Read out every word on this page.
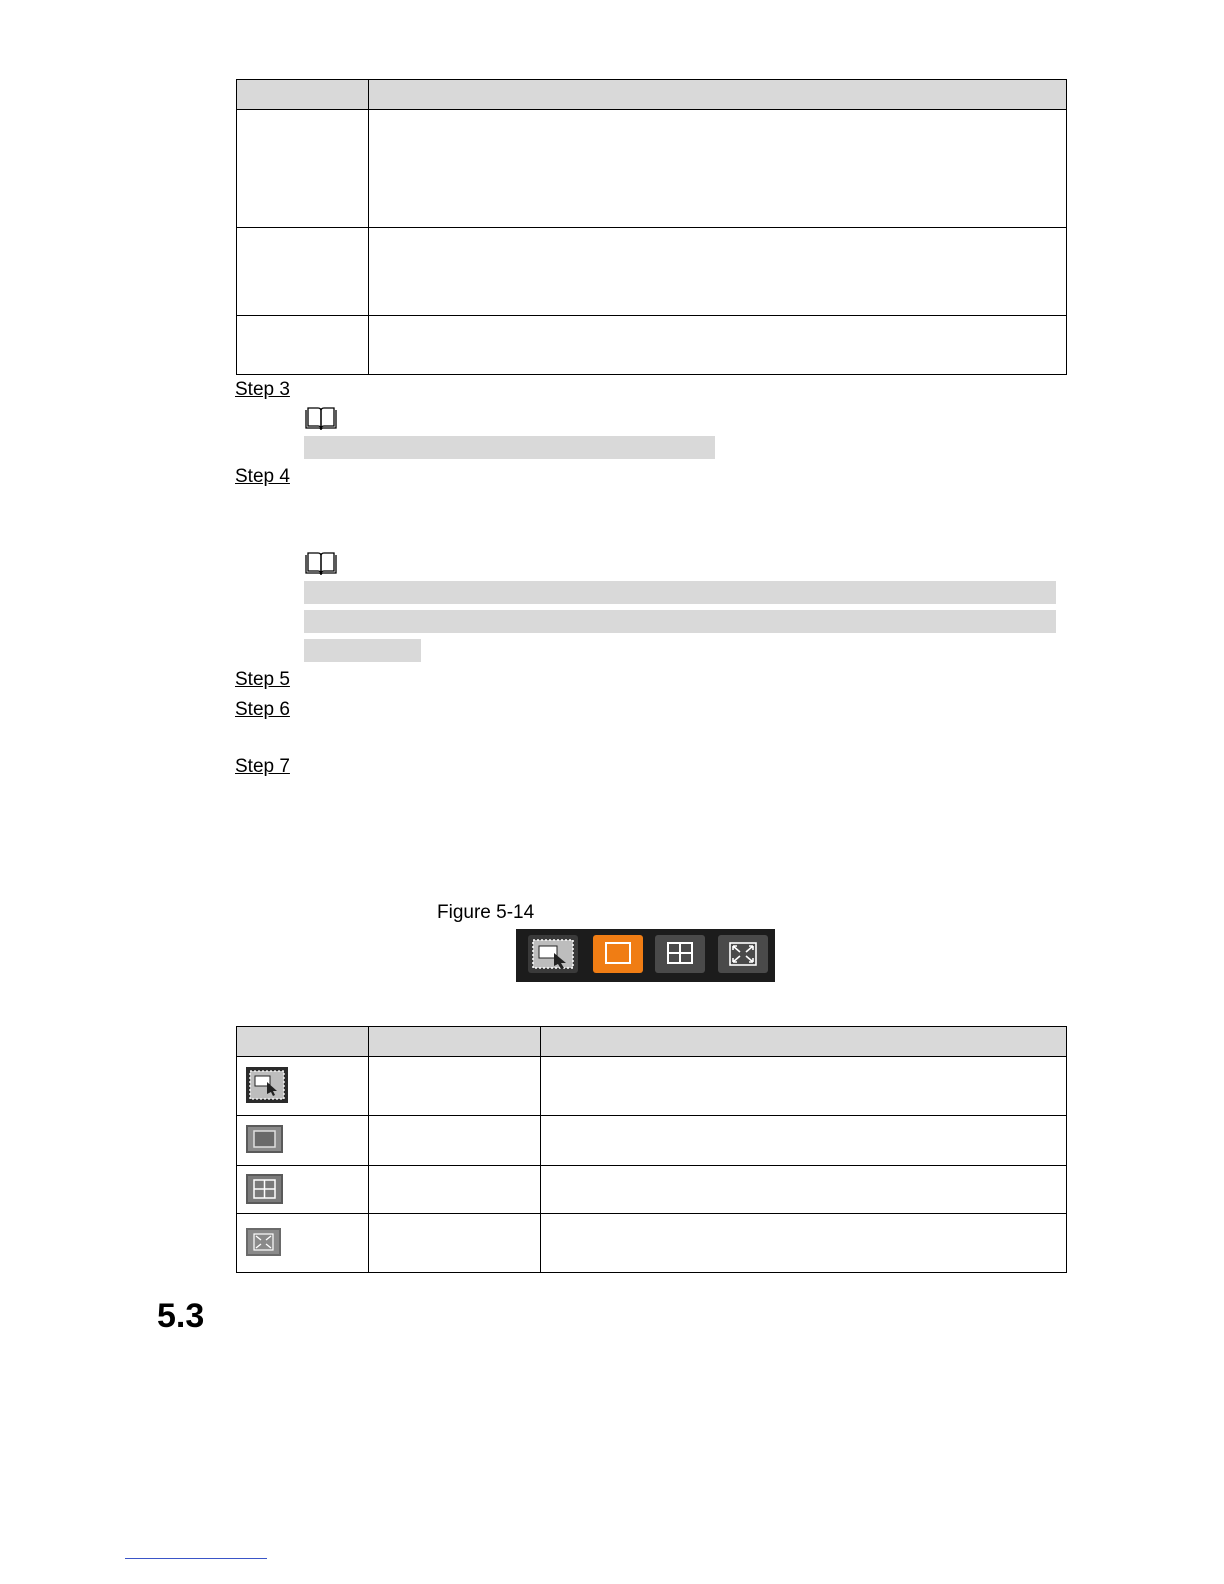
Step 3
Step 4
Step 5
Step 6
Step 7
Figure 5-14
5.3
